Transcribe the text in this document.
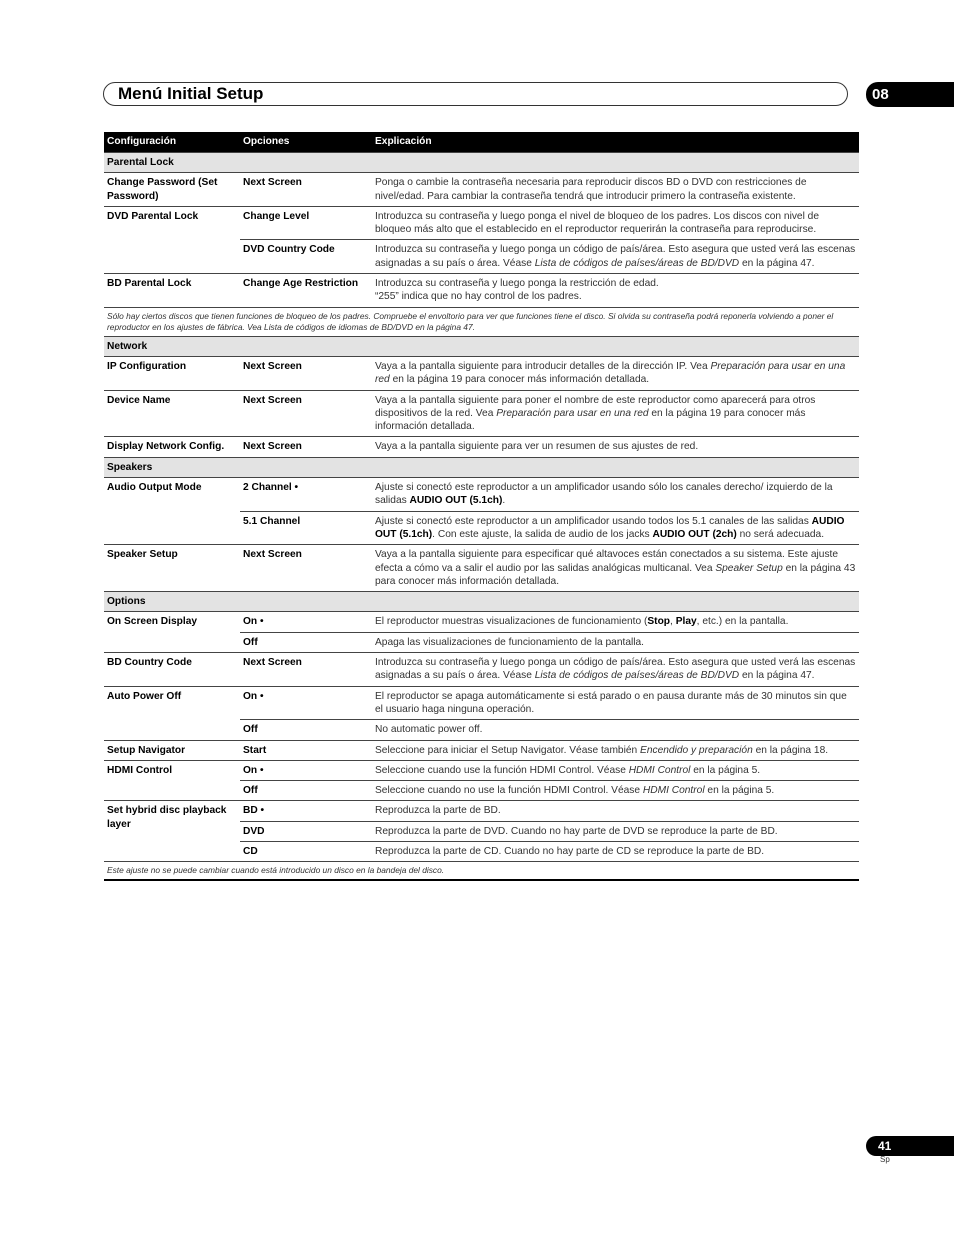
Menú Initial Setup	08
Configuración	Opciones	Explicación
Parental Lock		
Change Password (Set Password)	Next Screen	Ponga o cambie la contraseña necesaria para reproducir discos BD o DVD con restricciones de nivel/edad. Para cambiar la contraseña tendrá que introducir primero la contraseña existente.
DVD Parental Lock	Change Level	Introduzca su contraseña y luego ponga el nivel de bloqueo de los padres. Los discos con nivel de bloqueo más alto que el establecido en el reproductor requerirán la contraseña para reproducirse.
	DVD Country Code	Introduzca su contraseña y luego ponga un código de país/área. Esto asegura que usted verá las escenas asignadas a su país o área. Véase Lista de códigos de países/áreas de BD/DVD en la página 47.
BD Parental Lock	Change Age Restriction	Introduzca su contraseña y luego ponga la restricción de edad.
“255” indica que no hay control de los padres.
Sólo hay ciertos discos que tienen funciones de bloqueo de los padres. Compruebe el envoltorio para ver que funciones tiene el disco. Si olvida su contraseña podrá reponerla volviendo a poner el reproductor en los ajustes de fábrica. Vea Lista de códigos de idiomas de BD/DVD en la página 47.		
Network		
IP Configuration	Next Screen	Vaya a la pantalla siguiente para introducir detalles de la dirección IP. Vea Preparación para usar en una red en la página 19 para conocer más información detallada.
Device Name	Next Screen	Vaya a la pantalla siguiente para poner el nombre de este reproductor como aparecerá para otros dispositivos de la red. Vea Preparación para usar en una red en la página 19 para conocer más información detallada.
Display Network Config.	Next Screen	Vaya a la pantalla siguiente para ver un resumen de sus ajustes de red.
Speakers		
Audio Output Mode	2 Channel •	Ajuste si conectó este reproductor a un amplificador usando sólo los canales derecho/ izquierdo de la salidas AUDIO OUT (5.1ch).
	5.1 Channel	Ajuste si conectó este reproductor a un amplificador usando todos los 5.1 canales de las salidas AUDIO OUT (5.1ch). Con este ajuste, la salida de audio de los jacks AUDIO OUT (2ch) no será adecuada.
Speaker Setup	Next Screen	Vaya a la pantalla siguiente para especificar qué altavoces están conectados a su sistema. Este ajuste efecta a cómo va a salir el audio por las salidas analógicas multicanal. Vea Speaker Setup en la página 43 para conocer más información detallada.
Options		
On Screen Display	On •	El reproductor muestras visualizaciones de funcionamiento (Stop, Play, etc.) en la pantalla.
	Off	Apaga las visualizaciones de funcionamiento de la pantalla.
BD Country Code	Next Screen	Introduzca su contraseña y luego ponga un código de país/área. Esto asegura que usted verá las escenas asignadas a su país o área. Véase Lista de códigos de países/áreas de BD/DVD en la página 47.
Auto Power Off	On •	El reproductor se apaga automáticamente si está parado o en pausa durante más de 30 minutos sin que el usuario haga ninguna operación.
	Off	No automatic power off.
Setup Navigator	Start	Seleccione para iniciar el Setup Navigator. Véase también Encendido y preparación en la página 18.
HDMI Control	On •	Seleccione cuando use la función HDMI Control. Véase HDMI Control en la página 5.
	Off	Seleccione cuando no use la función HDMI Control. Véase HDMI Control en la página 5.
Set hybrid disc playback layer	BD •	Reproduzca la parte de BD.
	DVD	Reproduzca la parte de DVD. Cuando no hay parte de DVD se reproduce la parte de BD.
	CD	Reproduzca la parte de CD. Cuando no hay parte de CD se reproduce la parte de BD.
Este ajuste no se puede cambiar cuando está introducido un disco en la bandeja del disco.		
41
Sp
